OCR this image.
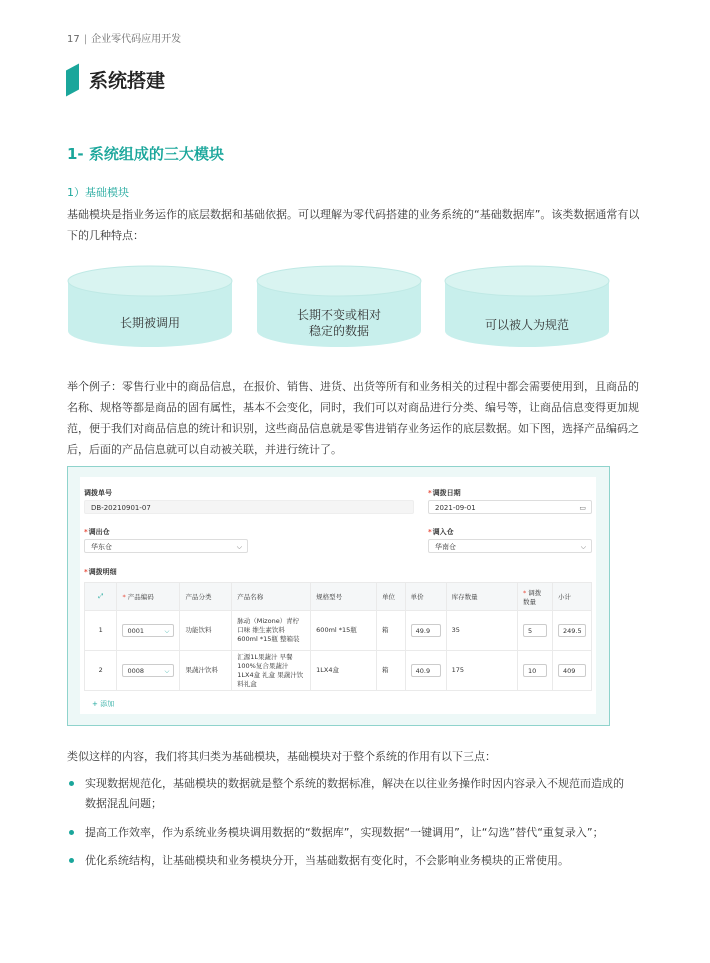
17 | 企业零代码应用开发
系统搭建
1- 系统组成的三大模块
1）基础模块
基础模块是指业务运作的底层数据和基础依据。可以理解为零代码搭建的业务系统的“基础数据库”。该类数据通常有以下的几种特点：
长期被调用
长期不变或相对稳定的数据	可以被人为规范
举个例子：零售行业中的商品信息，在报价、销售、进货、出货等所有和业务相关的过程中都会需要使用到，且商品的名称、规格等都是商品的固有属性，基本不会变化，同时，我们可以对商品进行分类、编号等，让商品信息变得更加规范，便于我们对商品信息的统计和识别，这些商品信息就是零售进销存业务运作的底层数据。如下图，选择产品编码之后，后面的产品信息就可以自动被关联，并进行统计了。
调拨单号
DB-20210901-07
*调拨日期
2021-09-01	▭
*调出仓
华东仓	⌵
*调入仓
华南仓	⌵
*调拨明细
⤢	* 产品编码	产品分类	产品名称	规格型号	单位	单价	库存数量	* 调拨数量	小计
1	0001 ⌵	功能饮料	脉动（Mizone）青柠口味 维生素饮料 600ml *15瓶 整箱装	600ml *15瓶	箱	49.9	35	5	249.5
2	0008 ⌵	果蔬汁饮料	汇源1L果蔬汁 早餐100%复合果蔬汁 1LX4盒 礼盒 果蔬汁饮料礼盒	1LX4盒	箱	40.9	175	10	409
+ 添加
类似这样的内容，我们将其归类为基础模块，基础模块对于整个系统的作用有以下三点：
实现数据规范化，基础模块的数据就是整个系统的数据标准，解决在以往业务操作时因内容录入不规范而造成的数据混乱问题；
提高工作效率，作为系统业务模块调用数据的“数据库”，实现数据“一键调用”，让“勾选”替代“重复录入”；
优化系统结构，让基础模块和业务模块分开，当基础数据有变化时，不会影响业务模块的正常使用。
